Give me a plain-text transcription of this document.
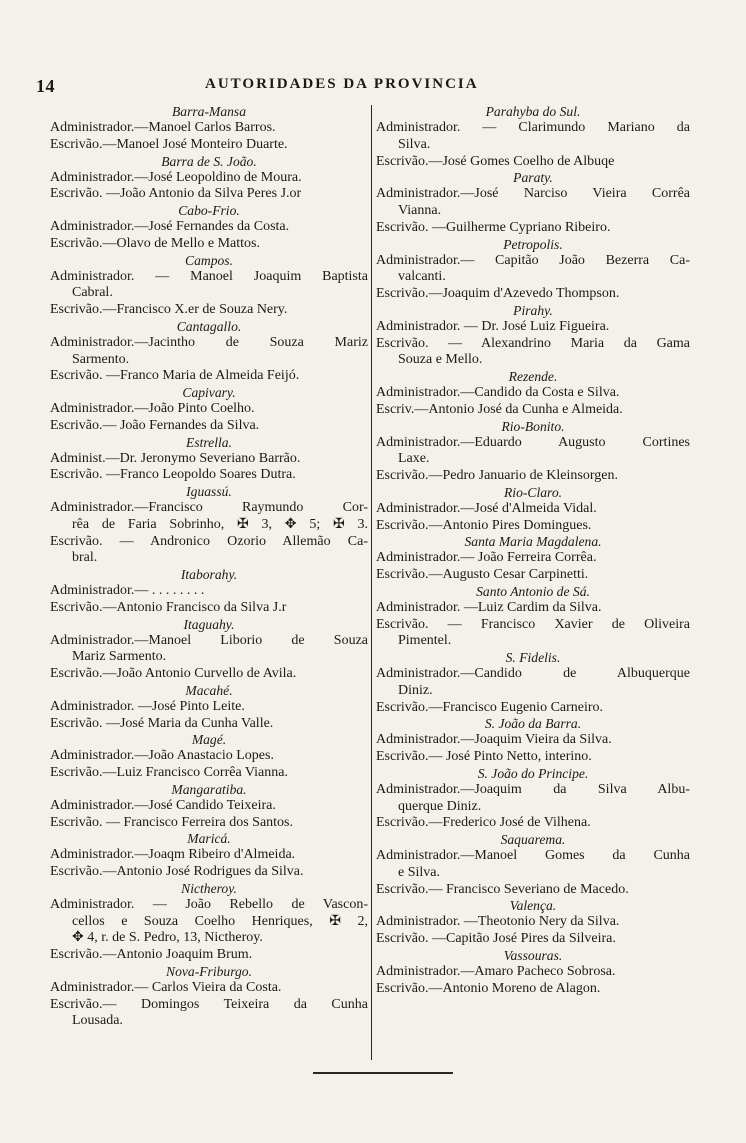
14	AUTORIDADES DA PROVINCIA
Barra-Mansa
Administrador.—Manoel Carlos Barros.
Escrivão.—Manoel José Monteiro Duarte.
Barra de S. João.
Administrador.—José Leopoldino de Moura.
Escrivão. —João Antonio da Silva Peres J.or
Cabo-Frio.
Administrador.—José Fernandes da Costa.
Escrivão.—Olavo de Mello e Mattos.
Campos.
Administrador. — Manoel Joaquim Baptista
Cabral.
Escrivão.—Francisco X.er de Souza Nery.
Cantagallo.
Administrador.—Jacintho de Souza Mariz
Sarmento.
Escrivão. —Franco Maria de Almeida Feijó.
Capivary.
Administrador.—João Pinto Coelho.
Escrivão.— João Fernandes da Silva.
Estrella.
Administ.—Dr. Jeronymo Severiano Barrão.
Escrivão. —Franco Leopoldo Soares Dutra.
Iguassú.
Administrador.—Francisco Raymundo Cor-
rêa de Faria Sobrinho, ✠ 3, ✥ 5; ✠ 3.
Escrivão. — Andronico Ozorio Allemão Ca-
bral.
Itaborahy.
Administrador.— . . . . . . . .
Escrivão.—Antonio Francisco da Silva J.r
Itaguahy.
Administrador.—Manoel Liborio de Souza
Mariz Sarmento.
Escrivão.—João Antonio Curvello de Avila.
Macahé.
Administrador. —José Pinto Leite.
Escrivão. —José Maria da Cunha Valle.
Magé.
Administrador.—João Anastacio Lopes.
Escrivão.—Luiz Francisco Corrêa Vianna.
Mangaratiba.
Administrador.—José Candido Teixeira.
Escrivão. — Francisco Ferreira dos Santos.
Maricá.
Administrador.—Joaqm Ribeiro d'Almeida.
Escrivão.—Antonio José Rodrigues da Silva.
Nictheroy.
Administrador. — João Rebello de Vascon-
cellos e Souza Coelho Henriques, ✠ 2,
✥ 4, r. de S. Pedro, 13, Nictheroy.
Escrivão.—Antonio Joaquim Brum.
Nova-Friburgo.
Administrador.— Carlos Vieira da Costa.
Escrivão.— Domingos Teixeira da Cunha
Lousada.
Parahyba do Sul.
Administrador. — Clarimundo Mariano da
Silva.
Escrivão.—José Gomes Coelho de Albuqe
Paraty.
Administrador.—José Narciso Vieira Corrêa
Vianna.
Escrivão. —Guilherme Cypriano Ribeiro.
Petropolis.
Administrador.— Capitão João Bezerra Ca-
valcanti.
Escrivão.—Joaquim d'Azevedo Thompson.
Pirahy.
Administrador. — Dr. José Luiz Figueira.
Escrivão. — Alexandrino Maria da Gama
Souza e Mello.
Rezende.
Administrador.—Candido da Costa e Silva.
Escriv.—Antonio José da Cunha e Almeida.
Rio-Bonito.
Administrador.—Eduardo Augusto Cortines
Laxe.
Escrivão.—Pedro Januario de Kleinsorgen.
Rio-Claro.
Administrador.—José d'Almeida Vidal.
Escrivão.—Antonio Pires Domingues.
Santa Maria Magdalena.
Administrador.— João Ferreira Corrêa.
Escrivão.—Augusto Cesar Carpinetti.
Santo Antonio de Sá.
Administrador. —Luiz Cardim da Silva.
Escrivão. — Francisco Xavier de Oliveira
Pimentel.
S. Fidelis.
Administrador.—Candido de Albuquerque
Diniz.
Escrivão.—Francisco Eugenio Carneiro.
S. João da Barra.
Administrador.—Joaquim Vieira da Silva.
Escrivão.— José Pinto Netto, interino.
S. João do Principe.
Administrador.—Joaquim da Silva Albu-
querque Diniz.
Escrivão.—Frederico José de Vilhena.
Saquarema.
Administrador.—Manoel Gomes da Cunha
e Silva.
Escrivão.— Francisco Severiano de Macedo.
Valença.
Administrador. —Theotonio Nery da Silva.
Escrivão. —Capitão José Pires da Silveira.
Vassouras.
Administrador.—Amaro Pacheco Sobrosa.
Escrivão.—Antonio Moreno de Alagon.
